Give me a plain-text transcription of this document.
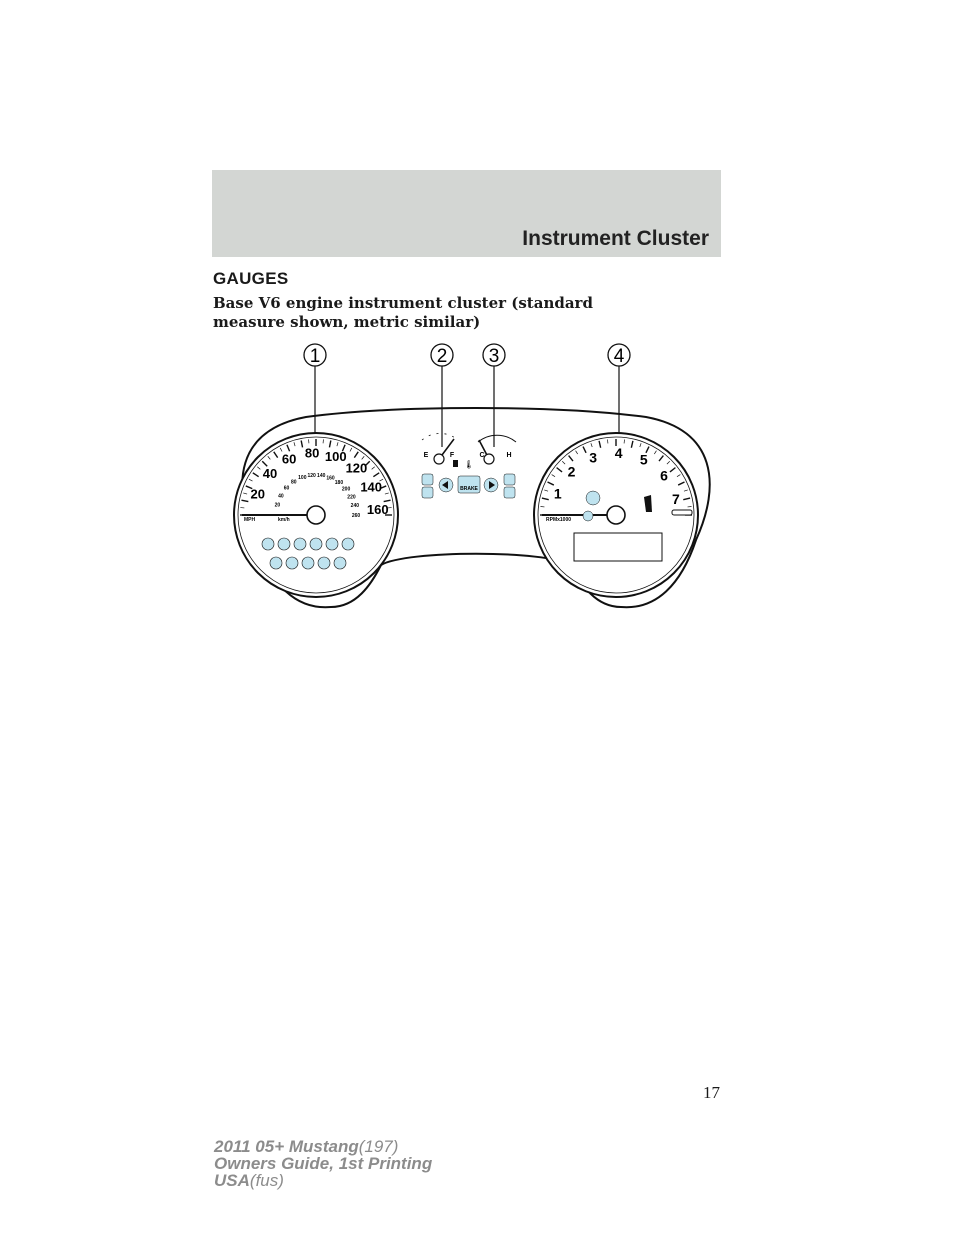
Instrument Cluster
GAUGES
Base V6 engine instrument cluster (standard measure shown, metric similar)
1	2 3	4
20
40
60 80 100
120
140
160
20
40
60
80
100 120 140 160
180
200
220
240
260
MPH	km/h
E	F	C	H
🌡
BRAKE	1
2
3 4 5
6
7
RPMx1000
17
2011 05+ Mustang(197)
Owners Guide, 1st Printing
USA(fus)
